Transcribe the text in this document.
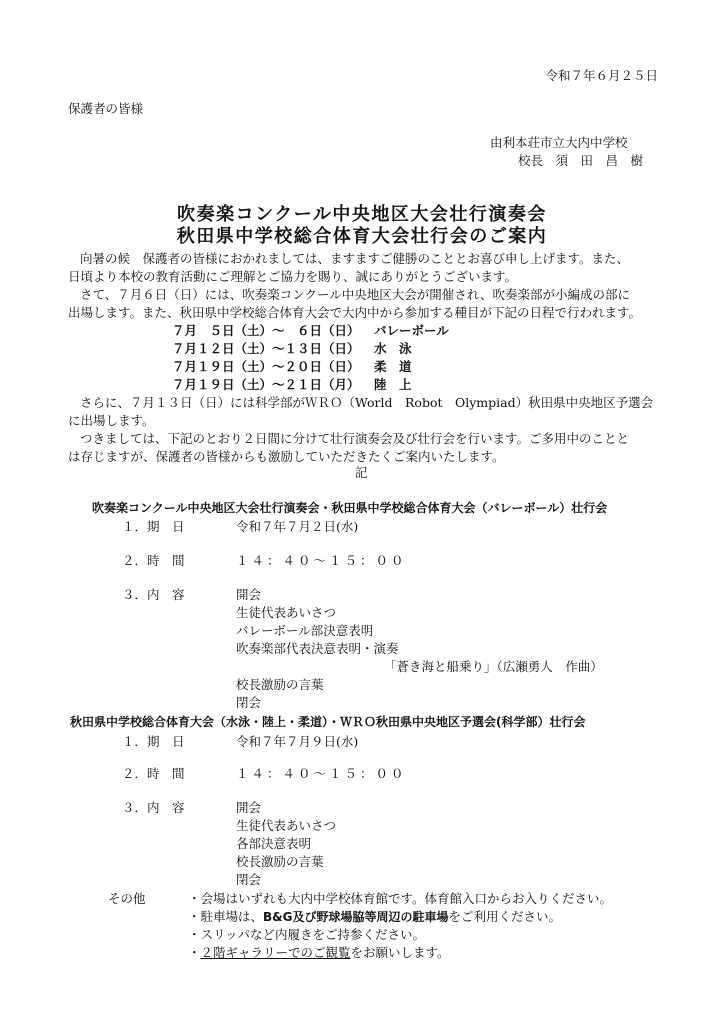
令和７年６月２５日
保護者の皆様
由利本荘市立大内中学校
校長　須　田　昌　樹
吹奏楽コンクール中央地区大会壮行演奏会
秋田県中学校総合体育大会壮行会のご案内
向暑の候　保護者の皆様におかれましては、ますますご健勝のこととお喜び申し上げます。また、
日頃より本校の教育活動にご理解とご協力を賜り、誠にありがとうございます。
さて、７月６日（日）には、吹奏楽コンクール中央地区大会が開催され、吹奏楽部が小編成の部に
出場します。また、秋田県中学校総合体育大会で大内中から参加する種目が下記の日程で行われます。
７月　５日（土）～　６日（日） バレーボール
７月１２日（土）～１３日（日） 水　泳
７月１９日（土）～２０日（日） 柔　道
７月１９日（土）～２１日（月） 陸　上
さらに、７月１３日（日）には科学部がＷＲＯ（World　Robot　Olympiad）秋田県中央地区予選会
に出場します。
つきましては、下記のとおり２日間に分けて壮行演奏会及び壮行会を行います。ご多用中のことと
は存じますが、保護者の皆様からも激励していただきたくご案内いたします。
記
吹奏楽コンクール中央地区大会壮行演奏会・秋田県中学校総合体育大会（バレーボール）壮行会
１．期　日	令和７年７月２日(水)
２．時　間	１４：４０～１５：００
３．内　容	開会
生徒代表あいさつ
バレーボール部決意表明
吹奏楽部代表決意表明・演奏
「蒼き海と船乗り」（広瀬勇人　作曲）
校長激励の言葉
閉会
秋田県中学校総合体育大会（水泳・陸上・柔道）・ＷＲＯ秋田県中央地区予選会(科学部）壮行会
１．期　日	令和７年７月９日(水)
２．時　間	１４：４０～１５：００
３．内　容	開会
生徒代表あいさつ
各部決意表明
校長激励の言葉
閉会
その他	・会場はいずれも大内中学校体育館です。体育館入口からお入りください。
・駐車場は、B&G及び野球場脇等周辺の駐車場をご利用ください。
・スリッパなど内履きをご持参ください。
・２階ギャラリーでのご観覧をお願いします。
